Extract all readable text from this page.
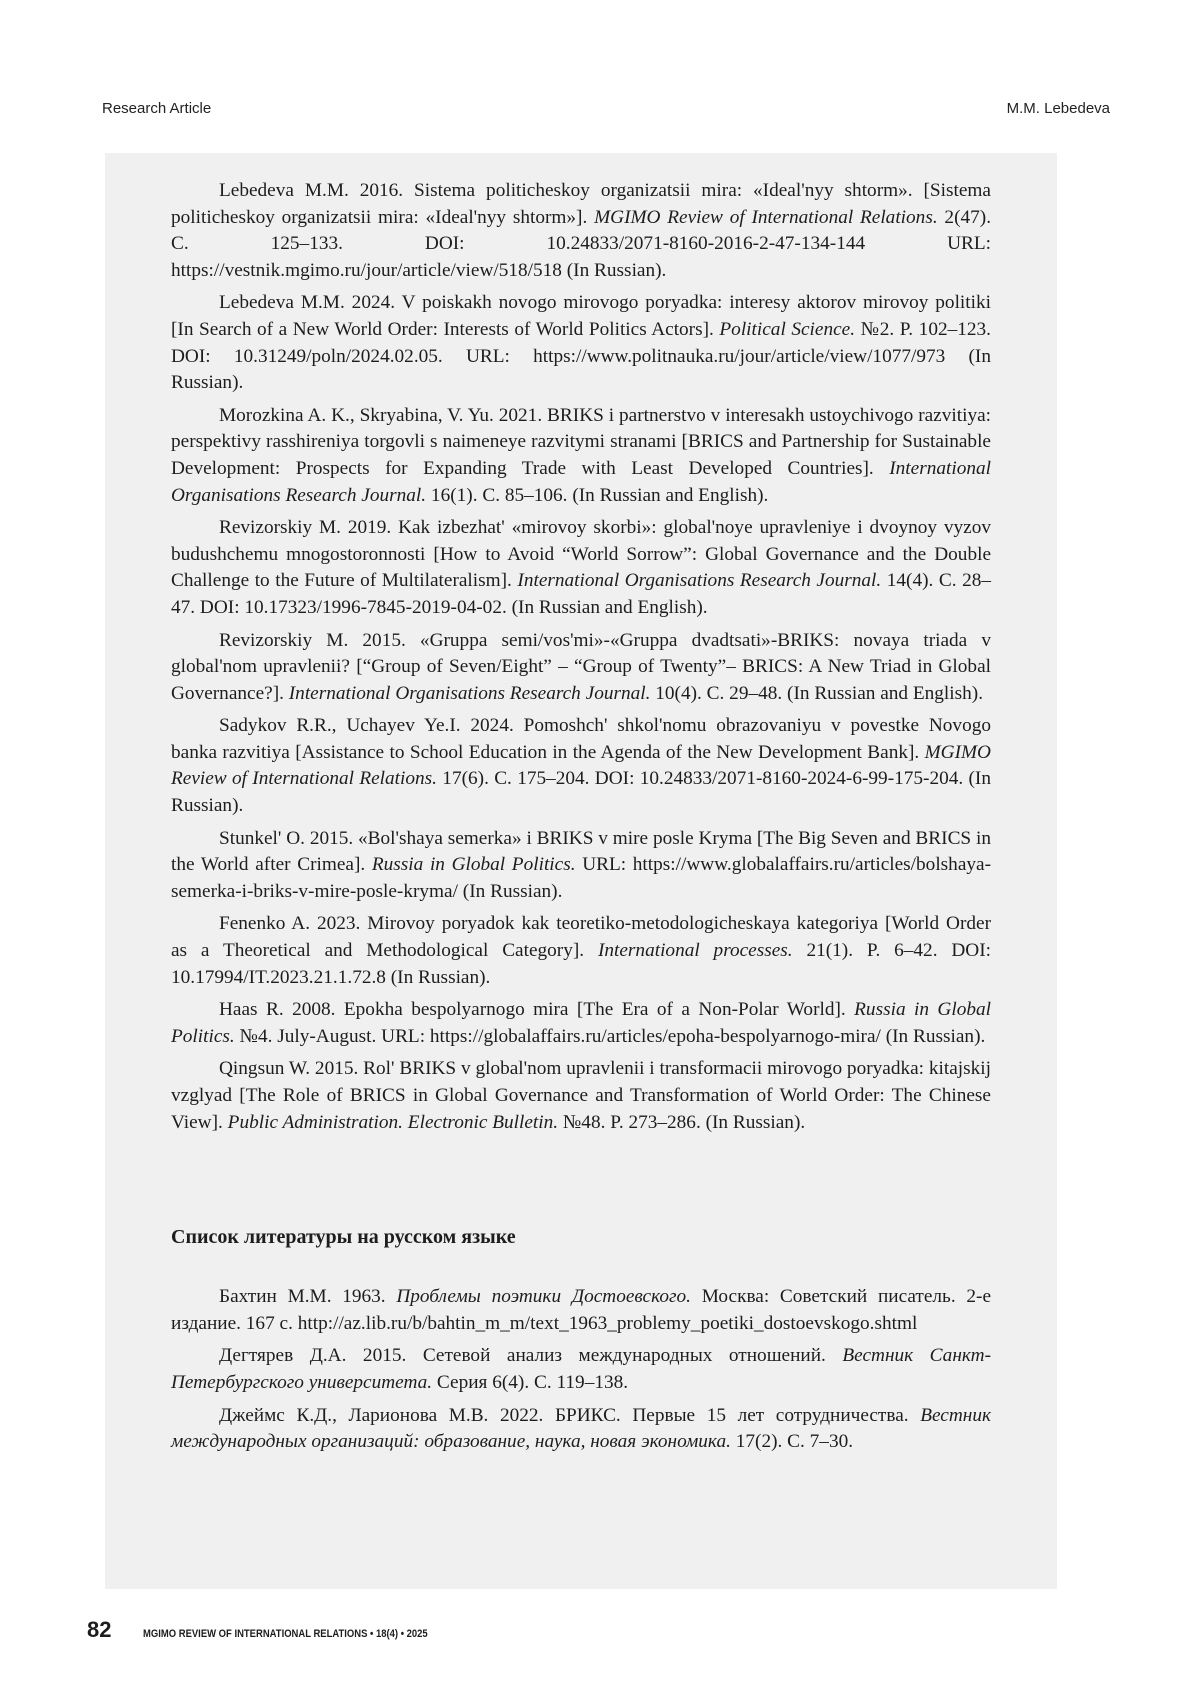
Research Article	M.M. Lebedeva

Lebedeva M.M. 2016. Sistema politicheskoy organizatsii mira: «Ideal'nyy shtorm». [Sistema politicheskoy organizatsii mira: «Ideal'nyy shtorm»]. MGIMO Review of International Relations. 2(47). C. 125–133. DOI: 10.24833/2071-8160-2016-2-47-134-144 URL: https://vestnik.mgimo.ru/jour/article/view/518/518 (In Russian).

Lebedeva M.M. 2024. V poiskakh novogo mirovogo poryadka: interesy aktorov mirovoy politiki [In Search of a New World Order: Interests of World Politics Actors]. Political Science. №2. P. 102–123. DOI: 10.31249/poln/2024.02.05. URL: https://www.politnauka.ru/jour/article/view/1077/973 (In Russian).

Morozkina A. K., Skryabina, V. Yu. 2021. BRIKS i partnerstvo v interesakh ustoychivogo razvitiya: perspektivy rasshireniya torgovli s naimeneye razvitymi stranami [BRICS and Partnership for Sustainable Development: Prospects for Expanding Trade with Least Developed Countries]. International Organisations Research Journal. 16(1). C. 85–106. (In Russian and English).

Revizorskiy M. 2019. Kak izbezhat' «mirovoy skorbi»: global'noye upravleniye i dvoynoy vyzov budushchemu mnogostoronnosti [How to Avoid “World Sorrow”: Global Governance and the Double Challenge to the Future of Multilateralism]. International Organisations Research Journal. 14(4). C. 28–47. DOI: 10.17323/1996-7845-2019-04-02. (In Russian and English).

Revizorskiy M. 2015. «Gruppa semi/vos'mi»-«Gruppa dvadtsati»-BRIKS: novaya triada v global'nom upravlenii? [“Group of Seven/Eight” – “Group of Twenty”– BRICS: A New Triad in Global Governance?]. International Organisations Research Journal. 10(4). C. 29–48. (In Russian and English).

Sadykov R.R., Uchayev Ye.I. 2024. Pomoshch' shkol'nomu obrazovaniyu v povestke Novogo banka razvitiya [Assistance to School Education in the Agenda of the New Development Bank]. MGIMO Review of International Relations. 17(6). C. 175–204. DOI: 10.24833/2071-8160-2024-6-99-175-204. (In Russian).

Stunkel' O. 2015. «Bol'shaya semerka» i BRIKS v mire posle Kryma [The Big Seven and BRICS in the World after Crimea]. Russia in Global Politics. URL: https://www.globalaffairs.ru/articles/bolshaya-semerka-i-briks-v-mire-posle-kryma/ (In Russian).

Fenenko A. 2023. Mirovoy poryadok kak teoretiko-metodologicheskaya kategoriya [World Order as a Theoretical and Methodological Category]. International processes. 21(1). P. 6–42. DOI: 10.17994/IT.2023.21.1.72.8 (In Russian).

Haas R. 2008. Epokha bespolyarnogo mira [The Era of a Non-Polar World]. Russia in Global Politics. №4. July-August. URL: https://globalaffairs.ru/articles/epoha-bespolyarnogo-mira/ (In Russian).

Qingsun W. 2015. Rol' BRIKS v global'nom upravlenii i transformacii mirovogo poryadka: kitajskij vzglyad [The Role of BRICS in Global Governance and Transformation of World Order: The Chinese View]. Public Administration. Electronic Bulletin. №48. P. 273–286. (In Russian).

Список литературы на русском языке

Бахтин М.М. 1963. Проблемы поэтики Достоевского. Москва: Советский писатель. 2-е издание. 167 с. http://az.lib.ru/b/bahtin_m_m/text_1963_problemy_poetiki_dostoevskogo.shtml

Дегтярев Д.А. 2015. Сетевой анализ международных отношений. Вестник Санкт-Петербургского университета. Серия 6(4). С. 119–138.

Джеймс К.Д., Ларионова М.В. 2022. БРИКС. Первые 15 лет сотрудничества. Вестник международных организаций: образование, наука, новая экономика. 17(2). С. 7–30.

82	MGIMO REVIEW OF INTERNATIONAL RELATIONS • 18(4) • 2025
